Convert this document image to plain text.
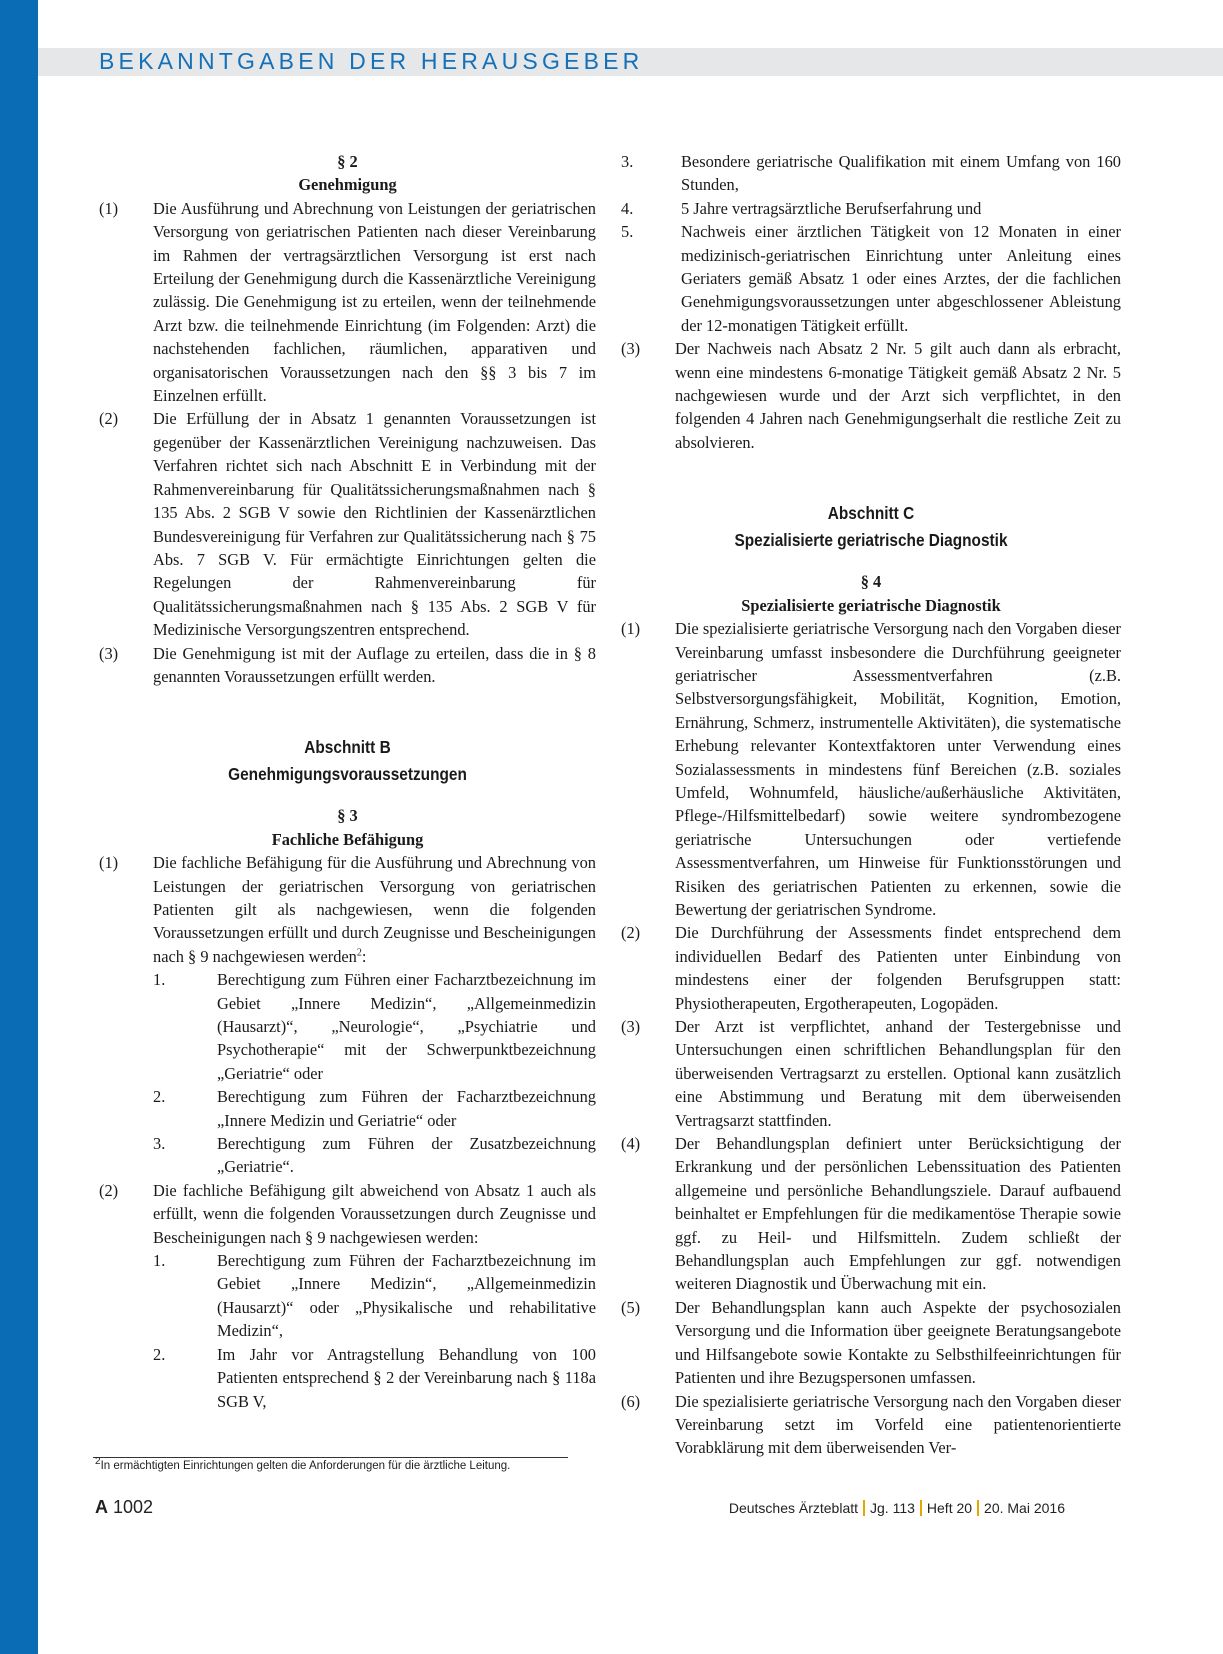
BEKANNTGABEN DER HERAUSGEBER
§ 2
Genehmigung
(1)	Die Ausführung und Abrechnung von Leistungen der geriatrischen Versorgung von geriatrischen Patienten nach dieser Vereinbarung im Rahmen der vertragsärztlichen Versorgung ist erst nach Erteilung der Genehmigung durch die Kassenärztliche Vereinigung zulässig. Die Genehmigung ist zu erteilen, wenn der teilnehmende Arzt bzw. die teilnehmende Einrichtung (im Folgenden: Arzt) die nachstehenden fachlichen, räumlichen, apparativen und organisatorischen Voraussetzungen nach den §§ 3 bis 7 im Einzelnen erfüllt.
(2)	Die Erfüllung der in Absatz 1 genannten Voraussetzungen ist gegenüber der Kassenärztlichen Vereinigung nachzuweisen. Das Verfahren richtet sich nach Abschnitt E in Verbindung mit der Rahmenvereinbarung für Qualitätssicherungsmaßnahmen nach § 135 Abs. 2 SGB V sowie den Richtlinien der Kassenärztlichen Bundesvereinigung für Verfahren zur Qualitätssicherung nach § 75 Abs. 7 SGB V. Für ermächtigte Einrichtungen gelten die Regelungen der Rahmenvereinbarung für Qualitätssicherungsmaßnahmen nach § 135 Abs. 2 SGB V für Medizinische Versorgungszentren entsprechend.
(3)	Die Genehmigung ist mit der Auflage zu erteilen, dass die in § 8 genannten Voraussetzungen erfüllt werden.
Abschnitt B
Genehmigungsvoraussetzungen
§ 3
Fachliche Befähigung
(1)	Die fachliche Befähigung für die Ausführung und Abrechnung von Leistungen der geriatrischen Versorgung von geriatrischen Patienten gilt als nachgewiesen, wenn die folgenden Voraussetzungen erfüllt und durch Zeugnisse und Bescheinigungen nach § 9 nachgewiesen werden$^2$:
1.	Berechtigung zum Führen einer Facharztbezeichnung im Gebiet „Innere Medizin“, „Allgemeinmedizin (Hausarzt)“, „Neurologie“, „Psychiatrie und Psychotherapie“ mit der Schwerpunktbezeichnung „Geriatrie“ oder
2.	Berechtigung zum Führen der Facharztbezeichnung „Innere Medizin und Geriatrie“ oder
3.	Berechtigung zum Führen der Zusatzbezeichnung „Geriatrie“.
(2)	Die fachliche Befähigung gilt abweichend von Absatz 1 auch als erfüllt, wenn die folgenden Voraussetzungen durch Zeugnisse und Bescheinigungen nach § 9 nachgewiesen werden:
1.	Berechtigung zum Führen der Facharztbezeichnung im Gebiet „Innere Medizin“, „Allgemeinmedizin (Hausarzt)“ oder „Physikalische und rehabilitative Medizin“,
2.	Im Jahr vor Antragstellung Behandlung von 100 Patienten entsprechend § 2 der Vereinbarung nach § 118a SGB V,
3.	Besondere geriatrische Qualifikation mit einem Umfang von 160 Stunden,
4.	5 Jahre vertragsärztliche Berufserfahrung und
5.	Nachweis einer ärztlichen Tätigkeit von 12 Monaten in einer medizinisch-geriatrischen Einrichtung unter Anleitung eines Geriaters gemäß Absatz 1 oder eines Arztes, der die fachlichen Genehmigungsvoraussetzungen unter abgeschlossener Ableistung der 12-monatigen Tätigkeit erfüllt.
(3)	Der Nachweis nach Absatz 2 Nr. 5 gilt auch dann als erbracht, wenn eine mindestens 6-monatige Tätigkeit gemäß Absatz 2 Nr. 5 nachgewiesen wurde und der Arzt sich verpflichtet, in den folgenden 4 Jahren nach Genehmigungserhalt die restliche Zeit zu absolvieren.
Abschnitt C
Spezialisierte geriatrische Diagnostik
§ 4
Spezialisierte geriatrische Diagnostik
(1)	Die spezialisierte geriatrische Versorgung nach den Vorgaben dieser Vereinbarung umfasst insbesondere die Durchführung geeigneter geriatrischer Assessmentverfahren (z.B. Selbstversorgungsfähigkeit, Mobilität, Kognition, Emotion, Ernährung, Schmerz, instrumentelle Aktivitäten), die systematische Erhebung relevanter Kontextfaktoren unter Verwendung eines Sozialassessments in mindestens fünf Bereichen (z.B. soziales Umfeld, Wohnumfeld, häusliche/außerhäusliche Aktivitäten, Pflege-/Hilfsmittelbedarf) sowie weitere syndrombezogene geriatrische Untersuchungen oder vertiefende Assessmentverfahren, um Hinweise für Funktionsstörungen und Risiken des geriatrischen Patienten zu erkennen, sowie die Bewertung der geriatrischen Syndrome.
(2)	Die Durchführung der Assessments findet entsprechend dem individuellen Bedarf des Patienten unter Einbindung von mindestens einer der folgenden Berufsgruppen statt: Physiotherapeuten, Ergotherapeuten, Logopäden.
(3)	Der Arzt ist verpflichtet, anhand der Testergebnisse und Untersuchungen einen schriftlichen Behandlungsplan für den überweisenden Vertragsarzt zu erstellen. Optional kann zusätzlich eine Abstimmung und Beratung mit dem überweisenden Vertragsarzt stattfinden.
(4)	Der Behandlungsplan definiert unter Berücksichtigung der Erkrankung und der persönlichen Lebenssituation des Patienten allgemeine und persönliche Behandlungsziele. Darauf aufbauend beinhaltet er Empfehlungen für die medikamentöse Therapie sowie ggf. zu Heil- und Hilfsmitteln. Zudem schließt der Behandlungsplan auch Empfehlungen zur ggf. notwendigen weiteren Diagnostik und Überwachung mit ein.
(5)	Der Behandlungsplan kann auch Aspekte der psychosozialen Versorgung und die Information über geeignete Beratungsangebote und Hilfsangebote sowie Kontakte zu Selbsthilfeeinrichtungen für Patienten und ihre Bezugspersonen umfassen.
(6)	Die spezialisierte geriatrische Versorgung nach den Vorgaben dieser Vereinbarung setzt im Vorfeld eine patientenorientierte Vorabklärung mit dem überweisenden Ver-
$^2$In ermächtigten Einrichtungen gelten die Anforderungen für die ärztliche Leitung.
A 1002	Deutsches Ärzteblatt Jg. 113 Heft 20 20. Mai 2016
